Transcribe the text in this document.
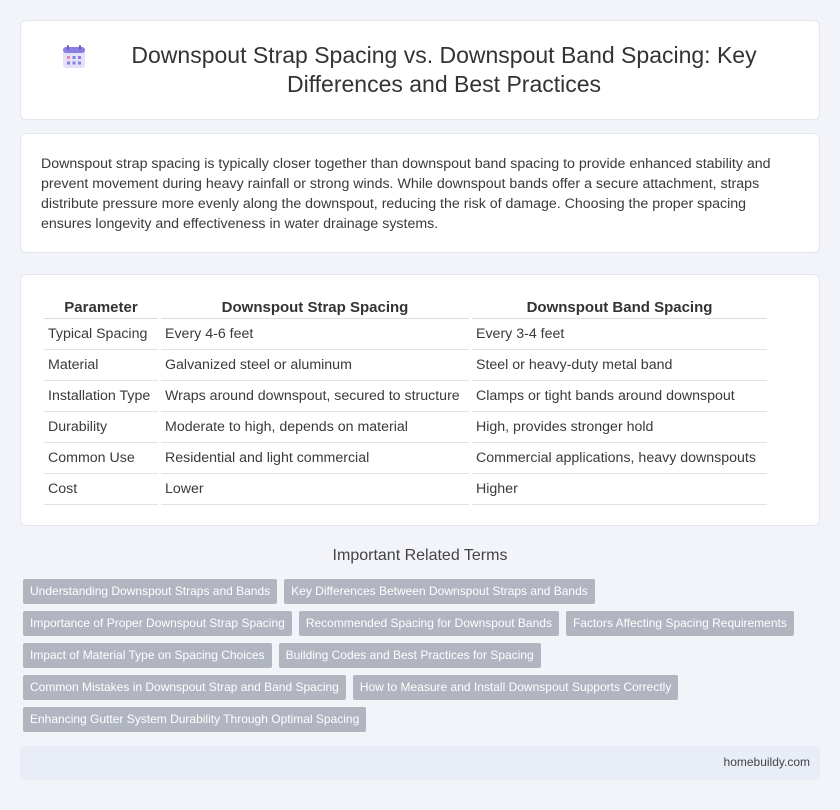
Downspout Strap Spacing vs. Downspout Band Spacing: Key Differences and Best Practices

Downspout strap spacing is typically closer together than downspout band spacing to provide enhanced stability and prevent movement during heavy rainfall or strong winds. While downspout bands offer a secure attachment, straps distribute pressure more evenly along the downspout, reducing the risk of damage. Choosing the proper spacing ensures longevity and effectiveness in water drainage systems.

Parameter	Downspout Strap Spacing	Downspout Band Spacing
Typical Spacing	Every 4-6 feet	Every 3-4 feet
Material	Galvanized steel or aluminum	Steel or heavy-duty metal band
Installation Type	Wraps around downspout, secured to structure	Clamps or tight bands around downspout
Durability	Moderate to high, depends on material	High, provides stronger hold
Common Use	Residential and light commercial	Commercial applications, heavy downspouts
Cost	Lower	Higher
Important Related Terms
Understanding Downspout Straps and Bands	Key Differences Between Downspout Straps and Bands
Importance of Proper Downspout Strap Spacing	Recommended Spacing for Downspout Bands	Factors Affecting Spacing Requirements
Impact of Material Type on Spacing Choices	Building Codes and Best Practices for Spacing
Common Mistakes in Downspout Strap and Band Spacing	How to Measure and Install Downspout Supports Correctly
Enhancing Gutter System Durability Through Optimal Spacing
homebuildy.com
